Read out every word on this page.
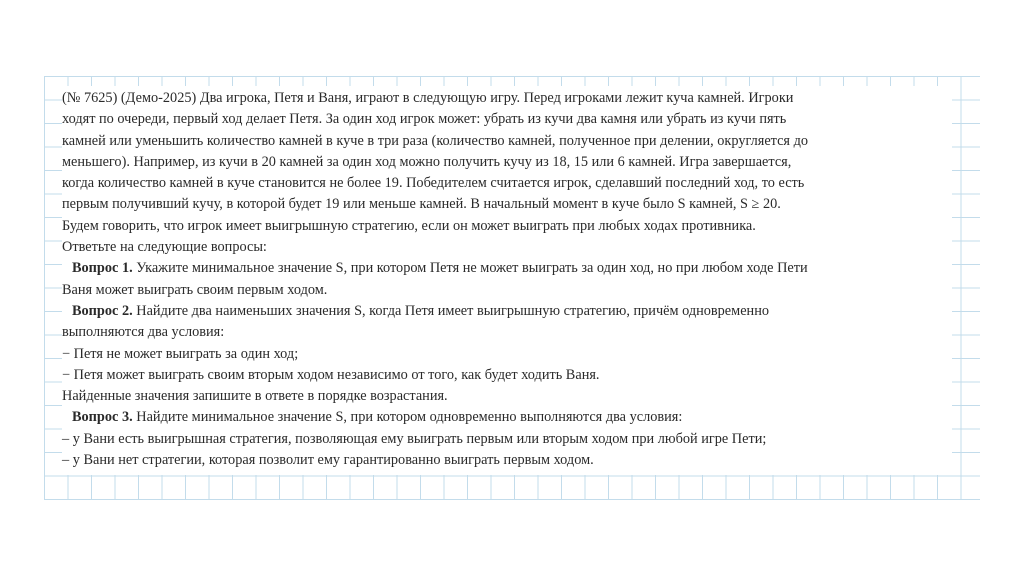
(№ 7625) (Демо-2025) Два игрока, Петя и Ваня, играют в следующую игру. Перед игроками лежит куча камней. Игроки
ходят по очереди, первый ход делает Петя. За один ход игрок может: убрать из кучи два камня или убрать из кучи пять
камней или уменьшить количество камней в куче в три раза (количество камней, полученное при делении, округляется до
меньшего). Например, из кучи в 20 камней за один ход можно получить кучу из 18, 15 или 6 камней. Игра завершается,
когда количество камней в куче становится не более 19. Победителем считается игрок, сделавший последний ход, то есть
первым получивший кучу, в которой будет 19 или меньше камней. В начальный момент в куче было S камней, S ≥ 20.
Будем говорить, что игрок имеет выигрышную стратегию, если он может выиграть при любых ходах противника.
Ответьте на следующие вопросы:
Вопрос 1. Укажите минимальное значение S, при котором Петя не может выиграть за один ход, но при любом ходе Пети
Ваня может выиграть своим первым ходом.
Вопрос 2. Найдите два наименьших значения S, когда Петя имеет выигрышную стратегию, причём одновременно
выполняются два условия:
− Петя не может выиграть за один ход;
− Петя может выиграть своим вторым ходом независимо от того, как будет ходить Ваня.
Найденные значения запишите в ответе в порядке возрастания.
Вопрос 3. Найдите минимальное значение S, при котором одновременно выполняются два условия:
– у Вани есть выигрышная стратегия, позволяющая ему выиграть первым или вторым ходом при любой игре Пети;
– у Вани нет стратегии, которая позволит ему гарантированно выиграть первым ходом.
